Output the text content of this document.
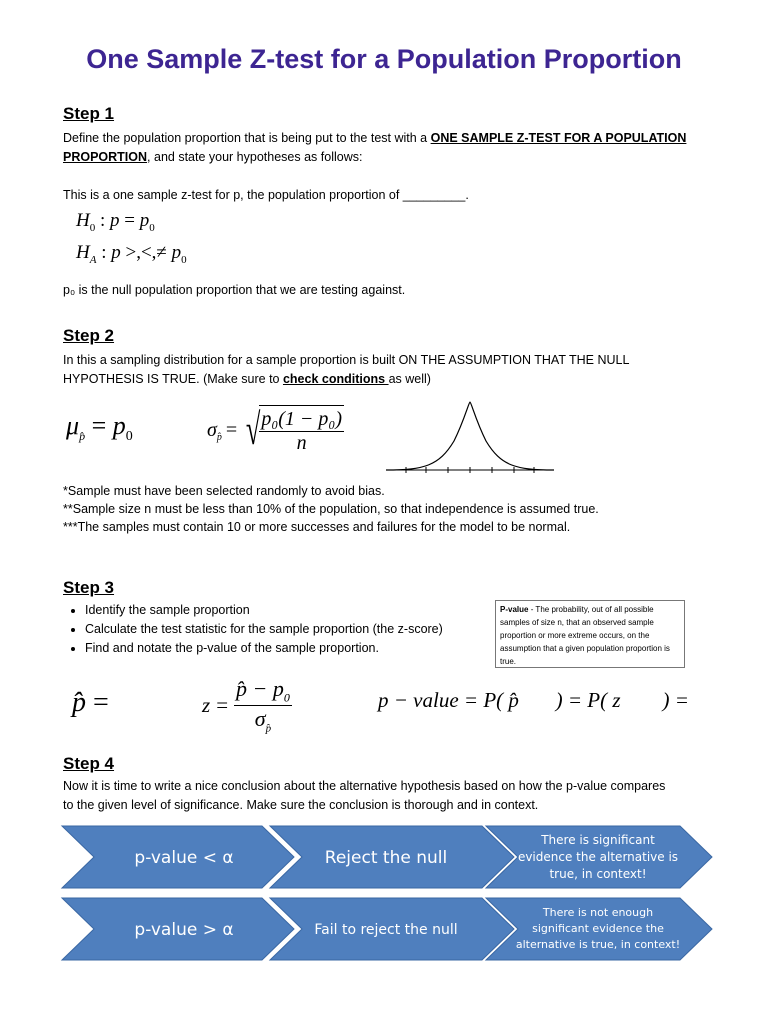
One Sample Z-test for a Population Proportion
Step 1
Define the population proportion that is being put to the test with a ONE SAMPLE Z-TEST FOR A POPULATION PROPORTION, and state your hypotheses as follows:
This is a one sample z-test for p, the population proportion of _________.
$H_0$ : $p = p_0$
$H_A$ : p >,<,≠ $p_0$
p₀ is the null population proportion that we are testing against.
Step 2
In this a sampling distribution for a sample proportion is built ON THE ASSUMPTION THAT THE NULL HYPOTHESIS IS TRUE. (Make sure to check conditions as well)
$\mu_{p̂} = p_0$	$\sigma_{p̂}$ = √
$\frac{\text{p₀(1 − p₀)}}{n}$
*Sample must have been selected randomly to avoid bias.
**Sample size n must be less than 10% of the population, so that independence is assumed true.
***The samples must contain 10 or more successes and failures for the model to be normal.
Step 3
• Identify the sample proportion
• Calculate the test statistic for the sample proportion (the z-score)
• Find and notate the p-value of the sample proportion.
P-value - The probability, out of all possible samples of size n, that an observed sample proportion or more extreme occurs, on the assumption that a given population proportion is true.
p̂ =	$z = \frac{p̂ - p_0}{\sigma_{p̂}}$	p − value = P( p̂       ) = P( z        ) =
Step 4
Now it is time to write a nice conclusion about the alternative hypothesis based on how the p-value compares to the given level of significance. Make sure the conclusion is thorough and in context.
p-value < α	Reject the null
There is significant
evidence the alternative is
true, in context!
p-value > α	Fail to reject the null
There is not enough
significant evidence the
alternative is true, in context!
